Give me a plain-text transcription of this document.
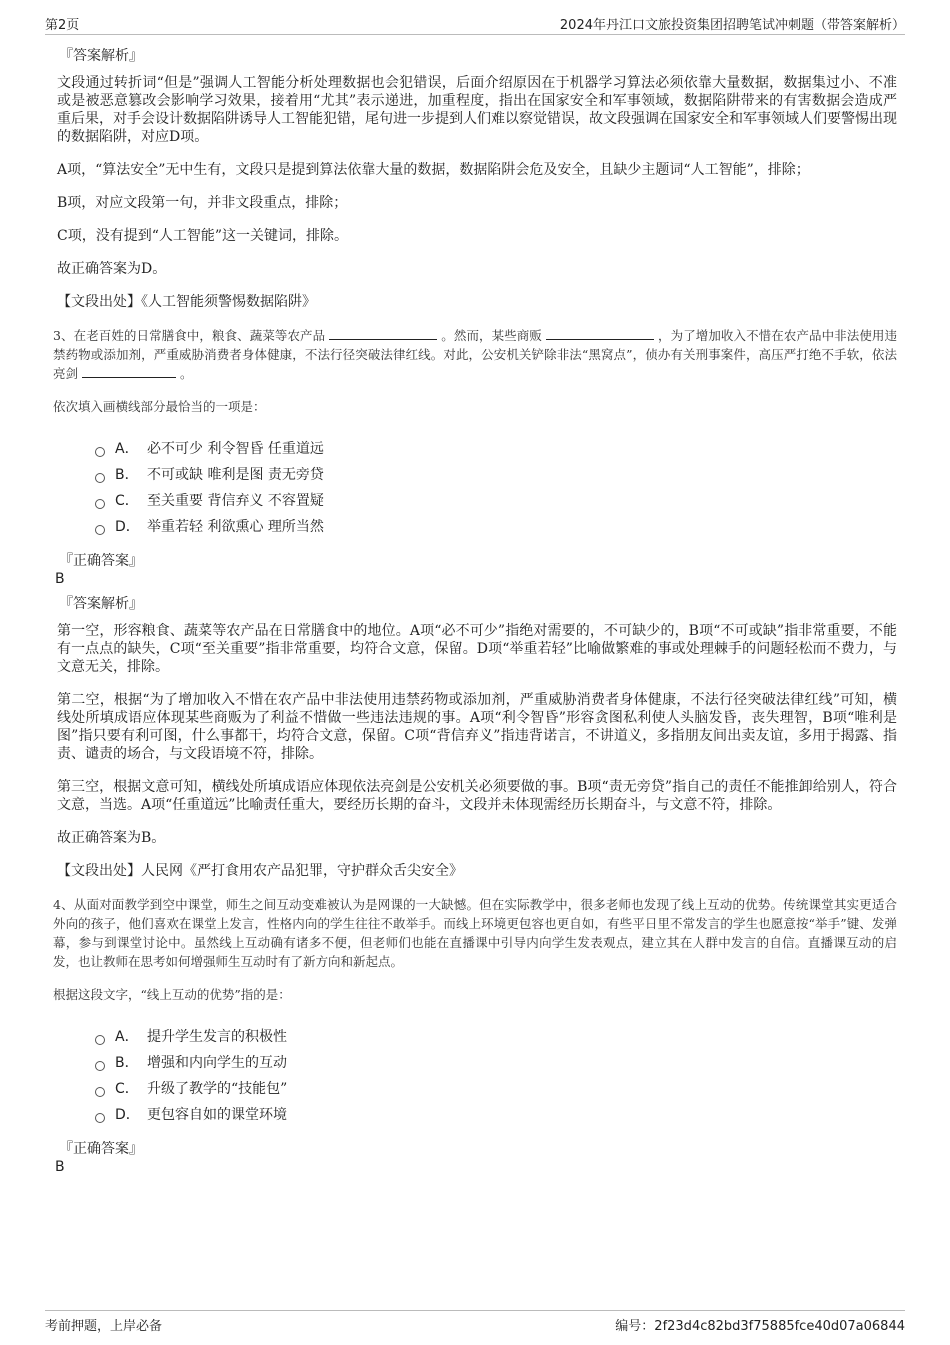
第2页	2024年丹江口文旅投资集团招聘笔试冲刺题（带答案解析）
『答案解析』

文段通过转折词“但是”强调人工智能分析处理数据也会犯错误，后面介绍原因在于机器学习算法必须依靠大量数据，数据集过小、不准或是被恶意篡改会影响学习效果，接着用“尤其”表示递进，加重程度，指出在国家安全和军事领域，数据陷阱带来的有害数据会造成严重后果，对手会设计数据陷阱诱导人工智能犯错，尾句进一步提到人们难以察觉错误，故文段强调在国家安全和军事领域人们要警惕出现的数据陷阱，对应D项。

A项，“算法安全”无中生有，文段只是提到算法依靠大量的数据，数据陷阱会危及安全，且缺少主题词“人工智能”，排除；

B项，对应文段第一句，并非文段重点，排除；

C项，没有提到“人工智能”这一关键词，排除。

故正确答案为D。

【文段出处】《人工智能须警惕数据陷阱》

3、在老百姓的日常膳食中，粮食、蔬菜等农产品	。然而，某些商贩	，为了增加收入不惜在农产品中非法使用违禁药物或添加剂，严重威胁消费者身体健康，不法行径突破法律红线。对此，公安机关铲除非法“黑窝点”，侦办有关刑事案件，高压严打绝不手软，依法亮剑	。

依次填入画横线部分最恰当的一项是：

A． 必不可少 利令智昏 任重道远
B． 不可或缺 唯利是图 责无旁贷
C． 至关重要 背信弃义 不容置疑
D． 举重若轻 利欲熏心 理所当然
『正确答案』
B
『答案解析』

第一空，形容粮食、蔬菜等农产品在日常膳食中的地位。A项“必不可少”指绝对需要的，不可缺少的，B项“不可或缺”指非常重要，不能有一点点的缺失，C项“至关重要”指非常重要，均符合文意，保留。D项“举重若轻”比喻做繁难的事或处理棘手的问题轻松而不费力，与文意无关，排除。

第二空，根据“为了增加收入不惜在农产品中非法使用违禁药物或添加剂，严重威胁消费者身体健康，不法行径突破法律红线”可知，横线处所填成语应体现某些商贩为了利益不惜做一些违法违规的事。A项“利令智昏”形容贪图私利使人头脑发昏，丧失理智，B项“唯利是图”指只要有利可图，什么事都干，均符合文意，保留。C项“背信弃义”指违背诺言，不讲道义，多指朋友间出卖友谊，多用于揭露、指责、谴责的场合，与文段语境不符，排除。

第三空，根据文意可知，横线处所填成语应体现依法亮剑是公安机关必须要做的事。B项“责无旁贷”指自己的责任不能推卸给别人，符合文意，当选。A项“任重道远”比喻责任重大，要经历长期的奋斗，文段并未体现需经历长期奋斗，与文意不符，排除。

故正确答案为B。

【文段出处】人民网《严打食用农产品犯罪，守护群众舌尖安全》

4、从面对面教学到空中课堂，师生之间互动变难被认为是网课的一大缺憾。但在实际教学中，很多老师也发现了线上互动的优势。传统课堂其实更适合外向的孩子，他们喜欢在课堂上发言，性格内向的学生往往不敢举手。而线上环境更包容也更自如，有些平日里不常发言的学生也愿意按“举手”键、发弹幕，参与到课堂讨论中。虽然线上互动确有诸多不便，但老师们也能在直播课中引导内向学生发表观点，建立其在人群中发言的自信。直播课互动的启发，也让教师在思考如何增强师生互动时有了新方向和新起点。

根据这段文字，“线上互动的优势”指的是：

A． 提升学生发言的积极性
B． 增强和内向学生的互动
C． 升级了教学的“技能包”
D． 更包容自如的课堂环境
『正确答案』
B
考前押题，上岸必备	编号：2f23d4c82bd3f75885fce40d07a06844
